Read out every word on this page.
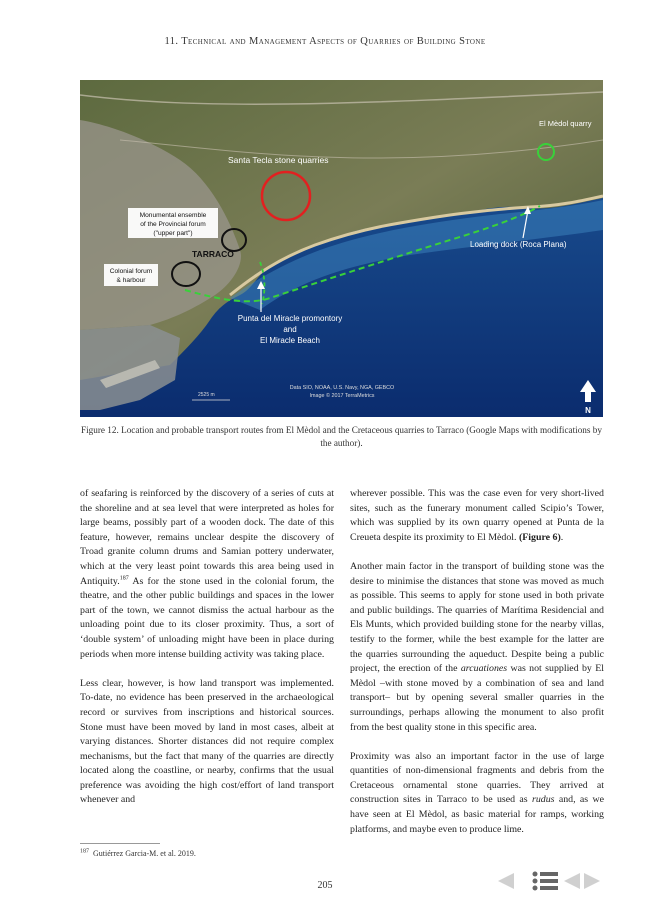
11. Technical and Management Aspects of Quarries of Building Stone
Santa Tecla stone quarries
El Mèdol quarry
Monumental ensemble
of the Provincial forum
("upper part")
TARRACO
Colonial forum
& harbour
Loading dock (Roca Plana)
Punta del Miracle promontory
and
El Miracle Beach
2525 m
Data SIO, NOAA, U.S. Navy, NGA, GEBCO
Image © 2017 TerraMetrics
N
Figure 12. Location and probable transport routes from El Mèdol and the Cretaceous quarries to Tarraco (Google Maps with modifications by the author).

of seafaring is reinforced by the discovery of a series of cuts at the shoreline and at sea level that were interpreted as holes for large beams, possibly part of a wooden dock. The date of this feature, however, remains unclear despite the discovery of Troad granite column drums and Samian pottery underwater, which at the very least point towards this area being used in Antiquity.$^{187}$ As for the stone used in the colonial forum, the theatre, and the other public buildings and spaces in the lower part of the town, we cannot dismiss the actual harbour as the unloading point due to its closer proximity. Thus, a sort of ‘double system’ of unloading might have been in place during periods when more intense building activity was taking place.

Less clear, however, is how land transport was implemented. To-date, no evidence has been preserved in the archaeological record or survives from inscriptions and historical sources. Stone must have been moved by land in most cases, albeit at varying distances. Shorter distances did not require complex mechanisms, but the fact that many of the quarries are directly located along the coastline, or nearby, confirms that the usual preference was avoiding the high cost/effort of land transport whenever and

wherever possible. This was the case even for very short-lived sites, such as the funerary monument called Scipio’s Tower, which was supplied by its own quarry opened at Punta de la Creueta despite its proximity to El Mèdol. (Figure 6).

Another main factor in the transport of building stone was the desire to minimise the distances that stone was moved as much as possible. This seems to apply for stone used in both private and public buildings. The quarries of Marítima Residencial and Els Munts, which provided building stone for the nearby villas, testify to the former, while the best example for the latter are the quarries surrounding the aqueduct. Despite being a public project, the erection of the arcuationes was not supplied by El Mèdol –with stone moved by a combination of sea and land transport– but by opening several smaller quarries in the surroundings, perhaps allowing the monument to also profit from the best quality stone in this specific area.

Proximity was also an important factor in the use of large quantities of non-dimensional fragments and debris from the Cretaceous ornamental stone quarries. They arrived at construction sites in Tarraco to be used as rudus and, as we have seen at El Mèdol, as basic material for ramps, working platforms, and maybe even to produce lime.

$^{187}$ Gutiérrez Garcia-M. et al. 2019.
205
